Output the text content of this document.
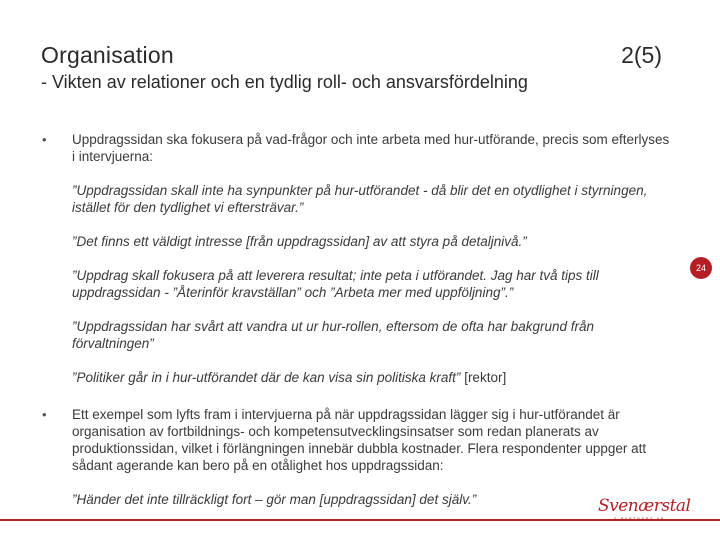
Organisation	2(5)
- Vikten av relationer och en tydlig roll- och ansvarsfördelning
• Uppdragssidan ska fokusera på vad-frågor och inte arbeta med hur-utförande, precis som efterlyses i intervjuerna:
”Uppdragssidan skall inte ha synpunkter på hur-utförandet - då blir det en otydlighet i styrningen, istället för den tydlighet vi eftersträvar.”
”Det finns ett väldigt intresse [från uppdragssidan] av att styra på detaljnivå.”
”Uppdrag skall fokusera på att leverera resultat; inte peta i utförandet. Jag har två tips till uppdragssidan - ”Återinför kravställan” och ”Arbeta mer med uppföljning”.”
”Uppdragssidan har svårt att vandra ut ur hur-rollen, eftersom de ofta har bakgrund från förvaltningen”
”Politiker går in i hur-utförandet där de kan visa sin politiska kraft” [rektor]
• Ett exempel som lyfts fram i intervjuerna på när uppdragssidan lägger sig i hur-utförandet är organisation av fortbildnings- och kompetensutvecklingsinsatser som redan planerats av produktionssidan, vilket i förlängningen innebär dubbla kostnader. Flera respondenter uppger att sådant agerande kan bero på en otålighet hos uppdragssidan:
”Händer det inte tillräckligt fort – gör man [uppdragssidan] det själv.”
24
Svenærstal
